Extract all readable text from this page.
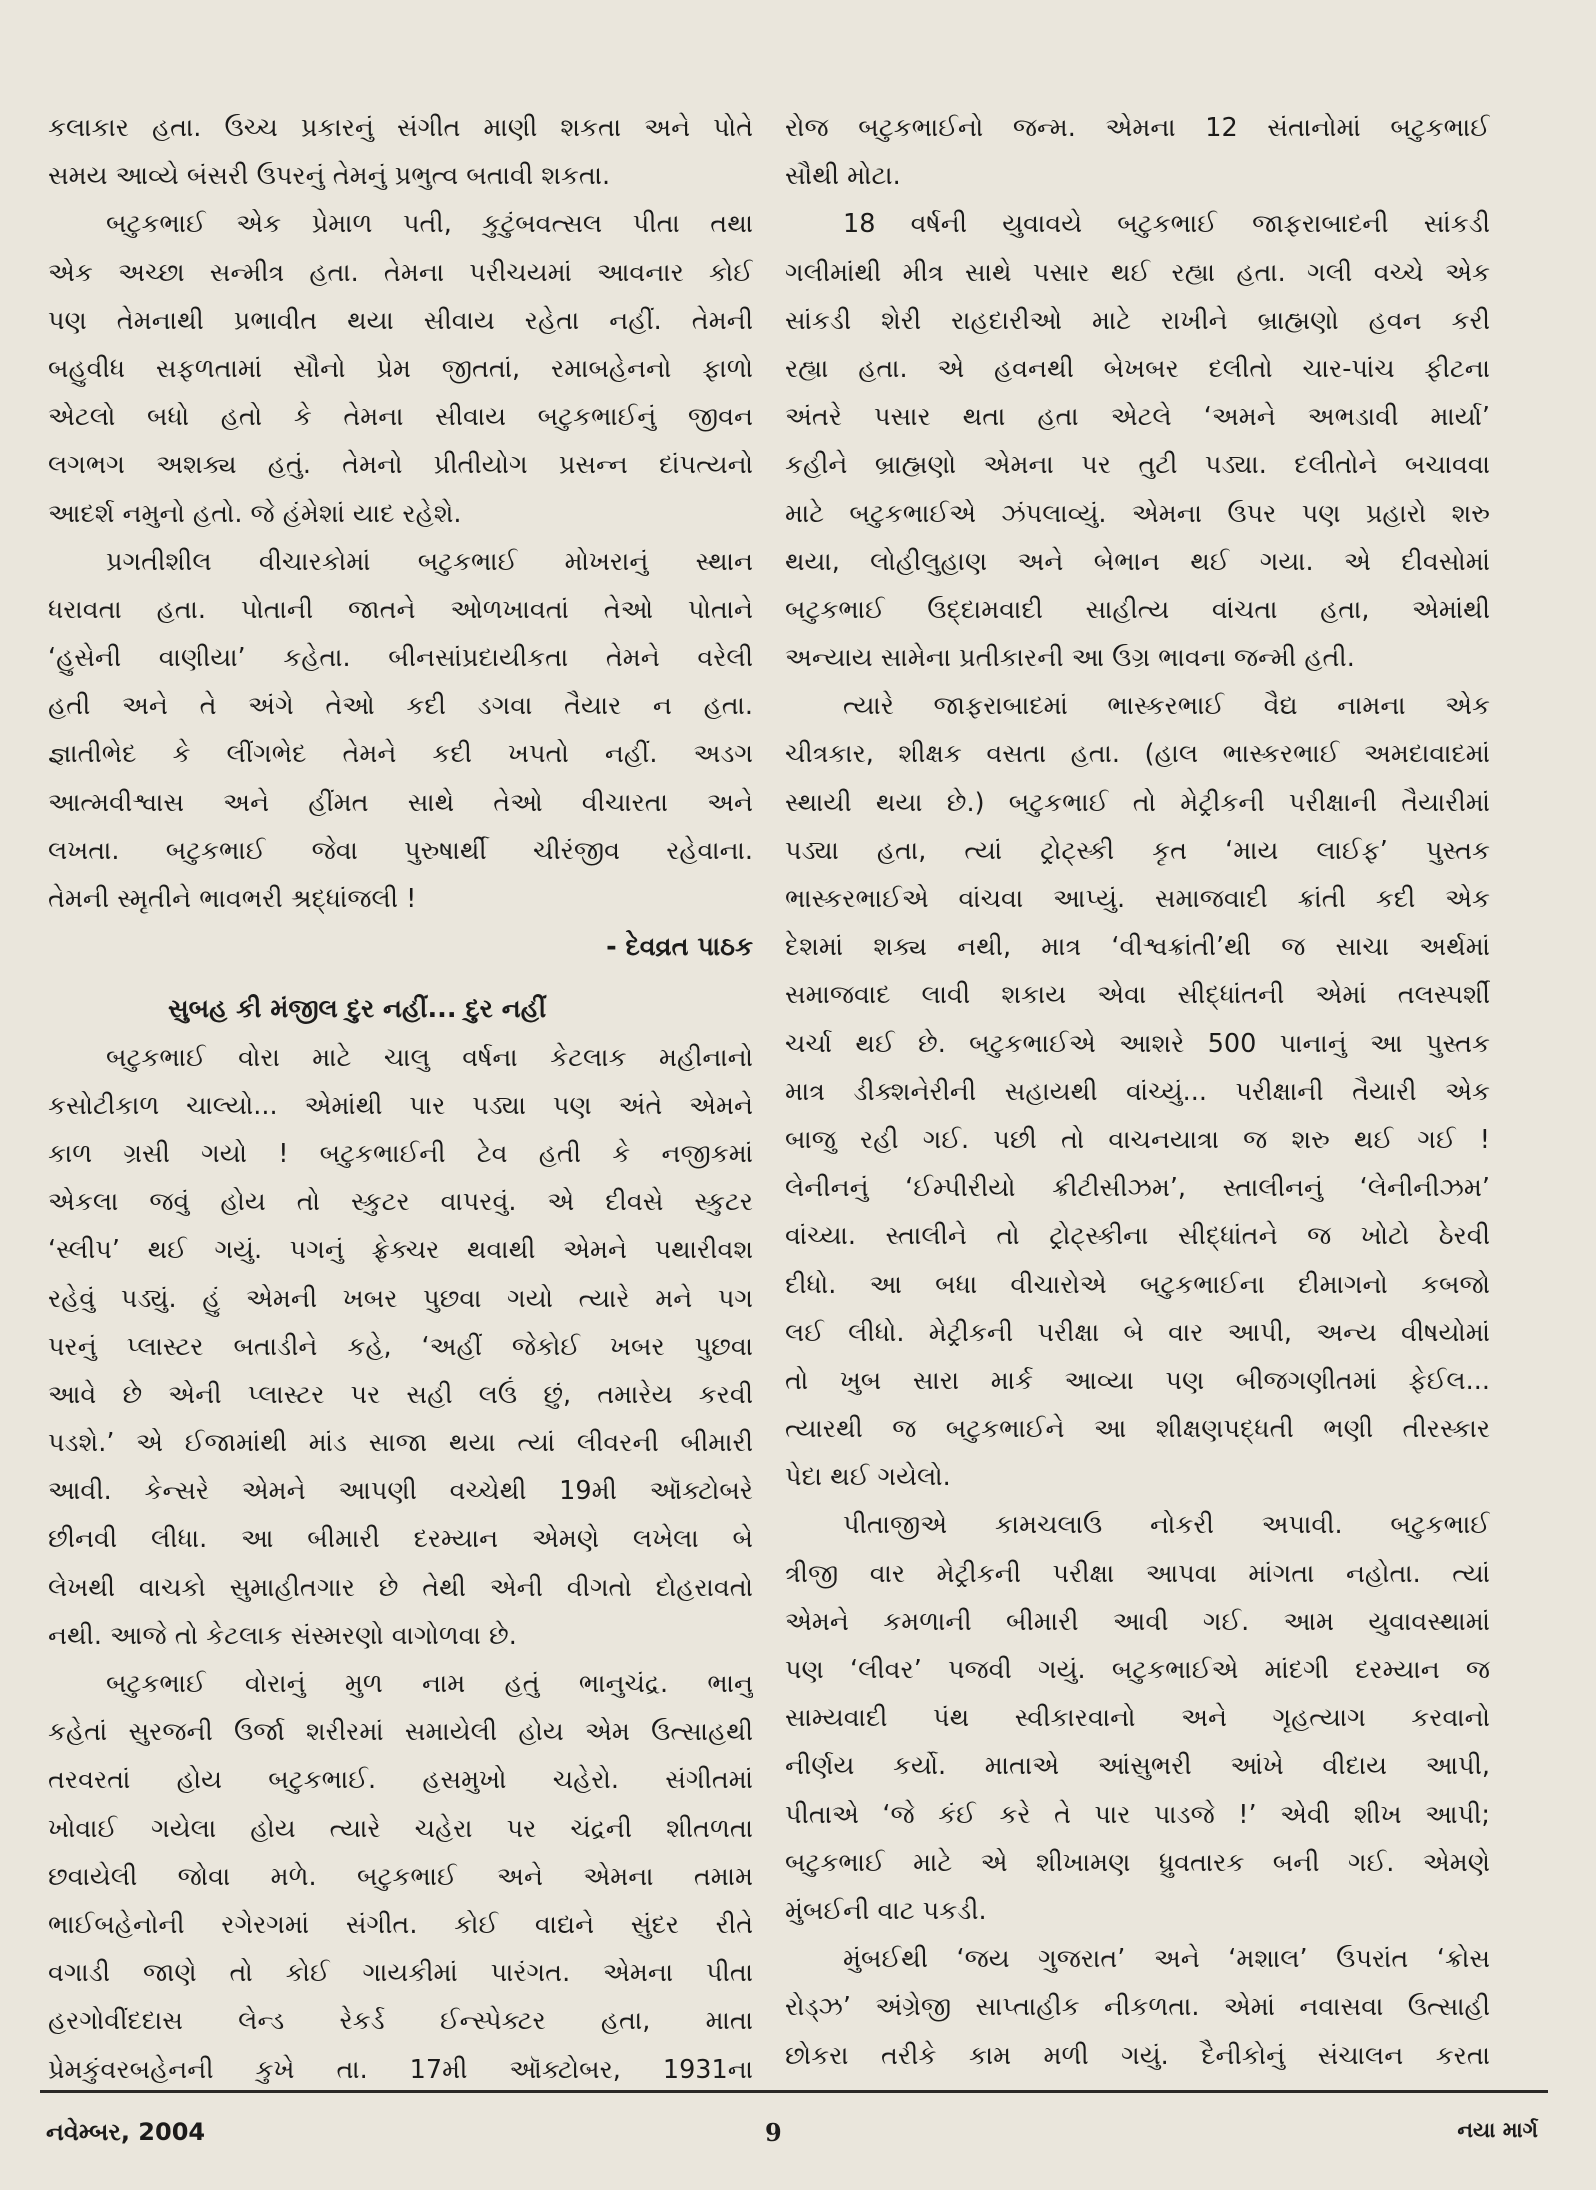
કલાકાર હતા. ઉચ્ચ પ્રકારનું સંગીત માણી શકતા અને પોતે
સમય આવ્યે બંસરી ઉપરનું તેમનું પ્રભુત્વ બતાવી શકતા.
બટુકભાઈ એક પ્રેમાળ પતી, કુટુંબવત્સલ પીતા તથા
એક અચ્છા સન્મીત્ર હતા. તેમના પરીચયમાં આવનાર કોઈ
પણ તેમનાથી પ્રભાવીત થયા સીવાય રહેતા નહીં. તેમની
બહુવીધ સફળતામાં સૌનો પ્રેમ જીતતાં, રમાબહેનનો ફાળો
એટલો બધો હતો કે તેમના સીવાય બટુકભાઈનું જીવન
લગભગ અશક્ય હતું. તેમનો પ્રીતીયોગ પ્રસન્ન દાંપત્યનો
આદર્શ નમુનો હતો. જે હંમેશાં યાદ રહેશે.
પ્રગતીશીલ વીચારકોમાં બટુકભાઈ મોખરાનું સ્થાન
ધરાવતા હતા. પોતાની જાતને ઓળખાવતાં તેઓ પોતાને
‘હુસેની વાણીયા’ કહેતા. બીનસાંપ્રદાયીકતા તેમને વરેલી
હતી અને તે અંગે તેઓ કદી ડગવા તૈયાર ન હતા.
જ્ઞાતીભેદ કે લીંગભેદ તેમને કદી ખપતો નહીં. અડગ
આત્મવીશ્વાસ અને હીંમત સાથે તેઓ વીચારતા અને
લખતા. બટુકભાઈ જેવા પુરુષાર્થી ચીરંજીવ રહેવાના.
તેમની સ્મૃતીને ભાવભરી શ્રદ્ધાંજલી !
- દેવવ્રત પાઠક
સુબહ કી મંજીલ દુર નહીં... દુર નહીં
બટુકભાઈ વોરા માટે ચાલુ વર્ષના કેટલાક મહીનાનો
કસોટીકાળ ચાલ્યો... એમાંથી પાર પડ્યા પણ અંતે એમને
કાળ ગ્રસી ગયો ! બટુકભાઈની ટેવ હતી કે નજીકમાં
એકલા જવું હોય તો સ્કુટર વાપરવું. એ દીવસે સ્કુટર
‘સ્લીપ’ થઈ ગયું. પગનું ફ્રેક્ચર થવાથી એમને પથારીવશ
રહેવું પડ્યું. હું એમની ખબર પુછવા ગયો ત્યારે મને પગ
પરનું પ્લાસ્ટર બતાડીને કહે, ‘અહીં જેકોઈ ખબર પુછવા
આવે છે એની પ્લાસ્ટર પર સહી લઉં છું, તમારેય કરવી
પડશે.’ એ ઈજામાંથી માંડ સાજા થયા ત્યાં લીવરની બીમારી
આવી. કેન્સરે એમને આપણી વચ્ચેથી 19મી ઑક્ટોબરે
છીનવી લીધા. આ બીમારી દરમ્યાન એમણે લખેલા બે
લેખથી વાચકો સુમાહીતગાર છે તેથી એની વીગતો દોહરાવતો
નથી. આજે તો કેટલાક સંસ્મરણો વાગોળવા છે.
બટુકભાઈ વોરાનું મુળ નામ હતું ભાનુચંદ્ર. ભાનુ
કહેતાં સુરજની ઉર્જા શરીરમાં સમાયેલી હોય એમ ઉત્સાહથી
તરવરતાં હોય બટુકભાઈ. હસમુખો ચહેરો. સંગીતમાં
ખોવાઈ ગયેલા હોય ત્યારે ચહેરા પર ચંદ્રની શીતળતા
છવાયેલી જોવા મળે. બટુકભાઈ અને એમના તમામ
ભાઈબહેનોની રગેરગમાં સંગીત. કોઈ વાદ્યને સુંદર રીતે
વગાડી જાણે તો કોઈ ગાયકીમાં પારંગત. એમના પીતા
હરગોવીંદદાસ લેન્ડ રેકર્ડ ઈન્સ્પેક્ટર હતા, માતા
પ્રેમકુંવરબહેનની કુખે તા. 17મી ઑક્ટોબર, 1931ના
રોજ બટુકભાઈનો જન્મ. એમના 12 સંતાનોમાં બટુકભાઈ
સૌથી મોટા.
18 વર્ષની યુવાવયે બટુકભાઈ જાફરાબાદની સાંકડી
ગલીમાંથી મીત્ર સાથે પસાર થઈ રહ્યા હતા. ગલી વચ્ચે એક
સાંકડી શેરી રાહદારીઓ માટે રાખીને બ્રાહ્મણો હવન કરી
રહ્યા હતા. એ હવનથી બેખબર દલીતો ચાર-પાંચ ફીટના
અંતરે પસાર થતા હતા એટલે ‘અમને અભડાવી માર્યા’
કહીને બ્રાહ્મણો એમના પર તુટી પડ્યા. દલીતોને બચાવવા
માટે બટુકભાઈએ ઝંપલાવ્યું. એમના ઉપર પણ પ્રહારો શરુ
થયા, લોહીલુહાણ અને બેભાન થઈ ગયા. એ દીવસોમાં
બટુકભાઈ ઉદ્દામવાદી સાહીત્ય વાંચતા હતા, એમાંથી
અન્યાય સામેના પ્રતીકારની આ ઉગ્ર ભાવના જન્મી હતી.
ત્યારે જાફરાબાદમાં ભાસ્કરભાઈ વૈદ્ય નામના એક
ચીત્રકાર, શીક્ષક વસતા હતા. (હાલ ભાસ્કરભાઈ અમદાવાદમાં
સ્થાયી થયા છે.) બટુકભાઈ તો મેટ્રીકની પરીક્ષાની તૈયારીમાં
પડ્યા હતા, ત્યાં ટ્રોટ્સ્કી કૃત ‘માય લાઈફ’ પુસ્તક
ભાસ્કરભાઈએ વાંચવા આપ્યું. સમાજવાદી ક્રાંતી કદી એક
દેશમાં શક્ય નથી, માત્ર ‘વીશ્વક્રાંતી’થી જ સાચા અર્થમાં
સમાજવાદ લાવી શકાય એવા સીદ્ધાંતની એમાં તલસ્પર્શી
ચર્ચા થઈ છે. બટુકભાઈએ આશરે 500 પાનાનું આ પુસ્તક
માત્ર ડીક્શનેરીની સહાયથી વાંચ્યું... પરીક્ષાની તૈયારી એક
બાજુ રહી ગઈ. પછી તો વાચનયાત્રા જ શરુ થઈ ગઈ !
લેનીનનું ‘ઈમ્પીરીયો ક્રીટીસીઝમ’, સ્તાલીનનું ‘લેનીનીઝમ’
વાંચ્યા. સ્તાલીને તો ટ્રોટ્સ્કીના સીદ્ધાંતને જ ખોટો ઠેરવી
દીધો. આ બધા વીચારોએ બટુકભાઈના દીમાગનો કબજો
લઈ લીધો. મેટ્રીકની પરીક્ષા બે વાર આપી, અન્ય વીષયોમાં
તો ખુબ સારા માર્ક આવ્યા પણ બીજગણીતમાં ફેઈલ...
ત્યારથી જ બટુકભાઈને આ શીક્ષણપદ્ધતી ભણી તીરસ્કાર
પેદા થઈ ગયેલો.
પીતાજીએ કામચલાઉ નોકરી અપાવી. બટુકભાઈ
ત્રીજી વાર મેટ્રીકની પરીક્ષા આપવા માંગતા નહોતા. ત્યાં
એમને કમળાની બીમારી આવી ગઈ. આમ યુવાવસ્થામાં
પણ ‘લીવર’ પજવી ગયું. બટુકભાઈએ માંદગી દરમ્યાન જ
સામ્યવાદી પંથ સ્વીકારવાનો અને ગૃહત્યાગ કરવાનો
નીર્ણય કર્યો. માતાએ આંસુભરી આંખે વીદાય આપી,
પીતાએ ‘જે કંઈ કરે તે પાર પાડજે !’ એવી શીખ આપી;
બટુકભાઈ માટે એ શીખામણ ધ્રુવતારક બની ગઈ. એમણે
મુંબઈની વાટ પકડી.
મુંબઈથી ‘જય ગુજરાત’ અને ‘મશાલ’ ઉપરાંત ‘ક્રોસ
રોડ્ઝ’ અંગ્રેજી સાપ્તાહીક નીકળતા. એમાં નવાસવા ઉત્સાહી
છોકરા તરીકે કામ મળી ગયું. દૈનીકોનું સંચાલન કરતા
નવેમ્બર, 2004	9	નયા માર્ગ
